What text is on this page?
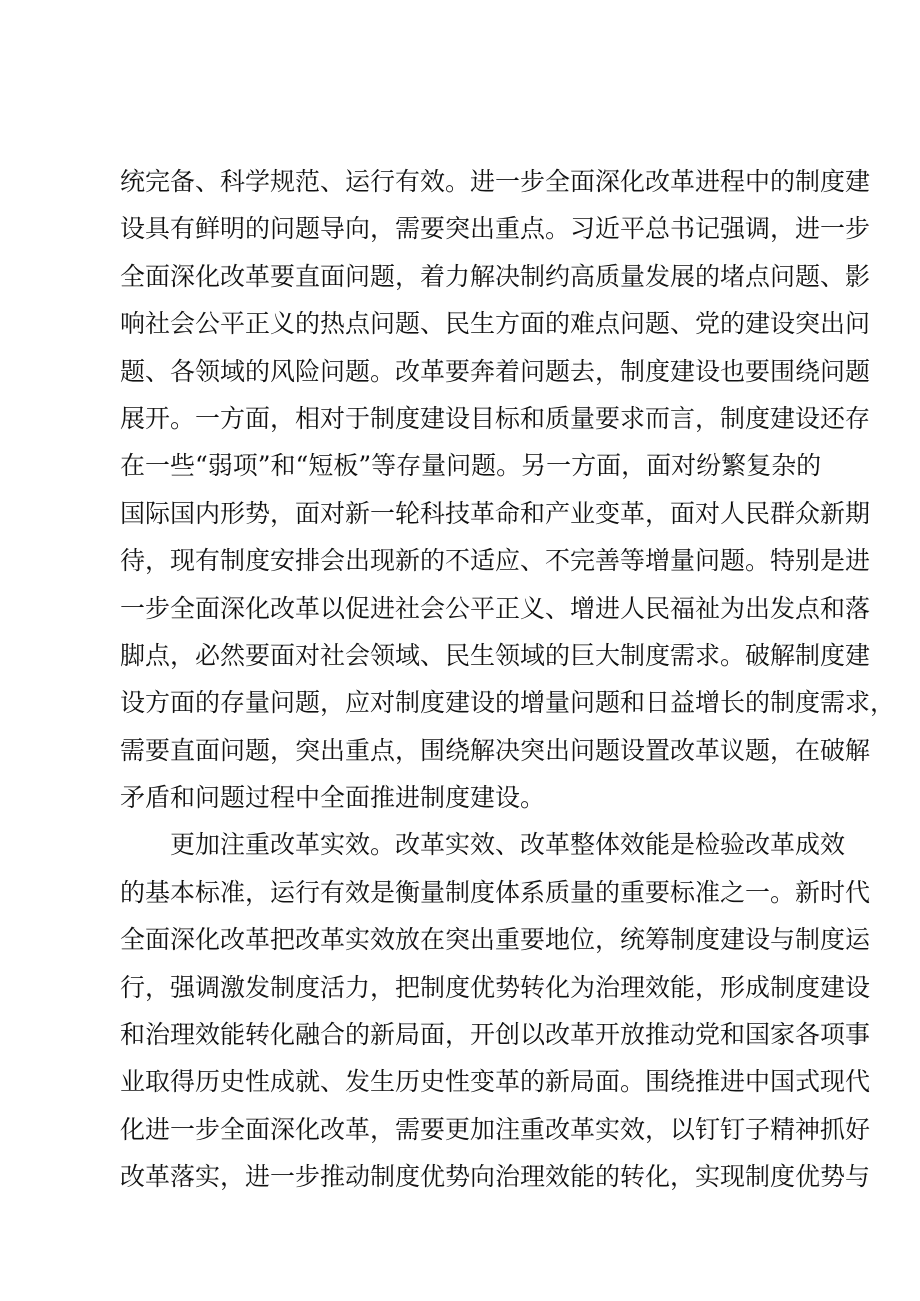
统完备、科学规范、运行有效。进一步全面深化改革进程中的制度建
设具有鲜明的问题导向，需要突出重点。习近平总书记强调，进一步
全面深化改革要直面问题，着力解决制约高质量发展的堵点问题、影
响社会公平正义的热点问题、民生方面的难点问题、党的建设突出问
题、各领域的风险问题。改革要奔着问题去，制度建设也要围绕问题
展开。一方面，相对于制度建设目标和质量要求而言，制度建设还存
在一些“弱项”和“短板”等存量问题。另一方面，面对纷繁复杂的
国际国内形势，面对新一轮科技革命和产业变革，面对人民群众新期
待，现有制度安排会出现新的不适应、不完善等增量问题。特别是进
一步全面深化改革以促进社会公平正义、增进人民福祉为出发点和落
脚点，必然要面对社会领域、民生领域的巨大制度需求。破解制度建
设方面的存量问题，应对制度建设的增量问题和日益增长的制度需求，
需要直面问题，突出重点，围绕解决突出问题设置改革议题，在破解
矛盾和问题过程中全面推进制度建设。
更加注重改革实效。改革实效、改革整体效能是检验改革成效
的基本标准，运行有效是衡量制度体系质量的重要标准之一。新时代
全面深化改革把改革实效放在突出重要地位，统筹制度建设与制度运
行，强调激发制度活力，把制度优势转化为治理效能，形成制度建设
和治理效能转化融合的新局面，开创以改革开放推动党和国家各项事
业取得历史性成就、发生历史性变革的新局面。围绕推进中国式现代
化进一步全面深化改革，需要更加注重改革实效，以钉钉子精神抓好
改革落实，进一步推动制度优势向治理效能的转化，实现制度优势与
